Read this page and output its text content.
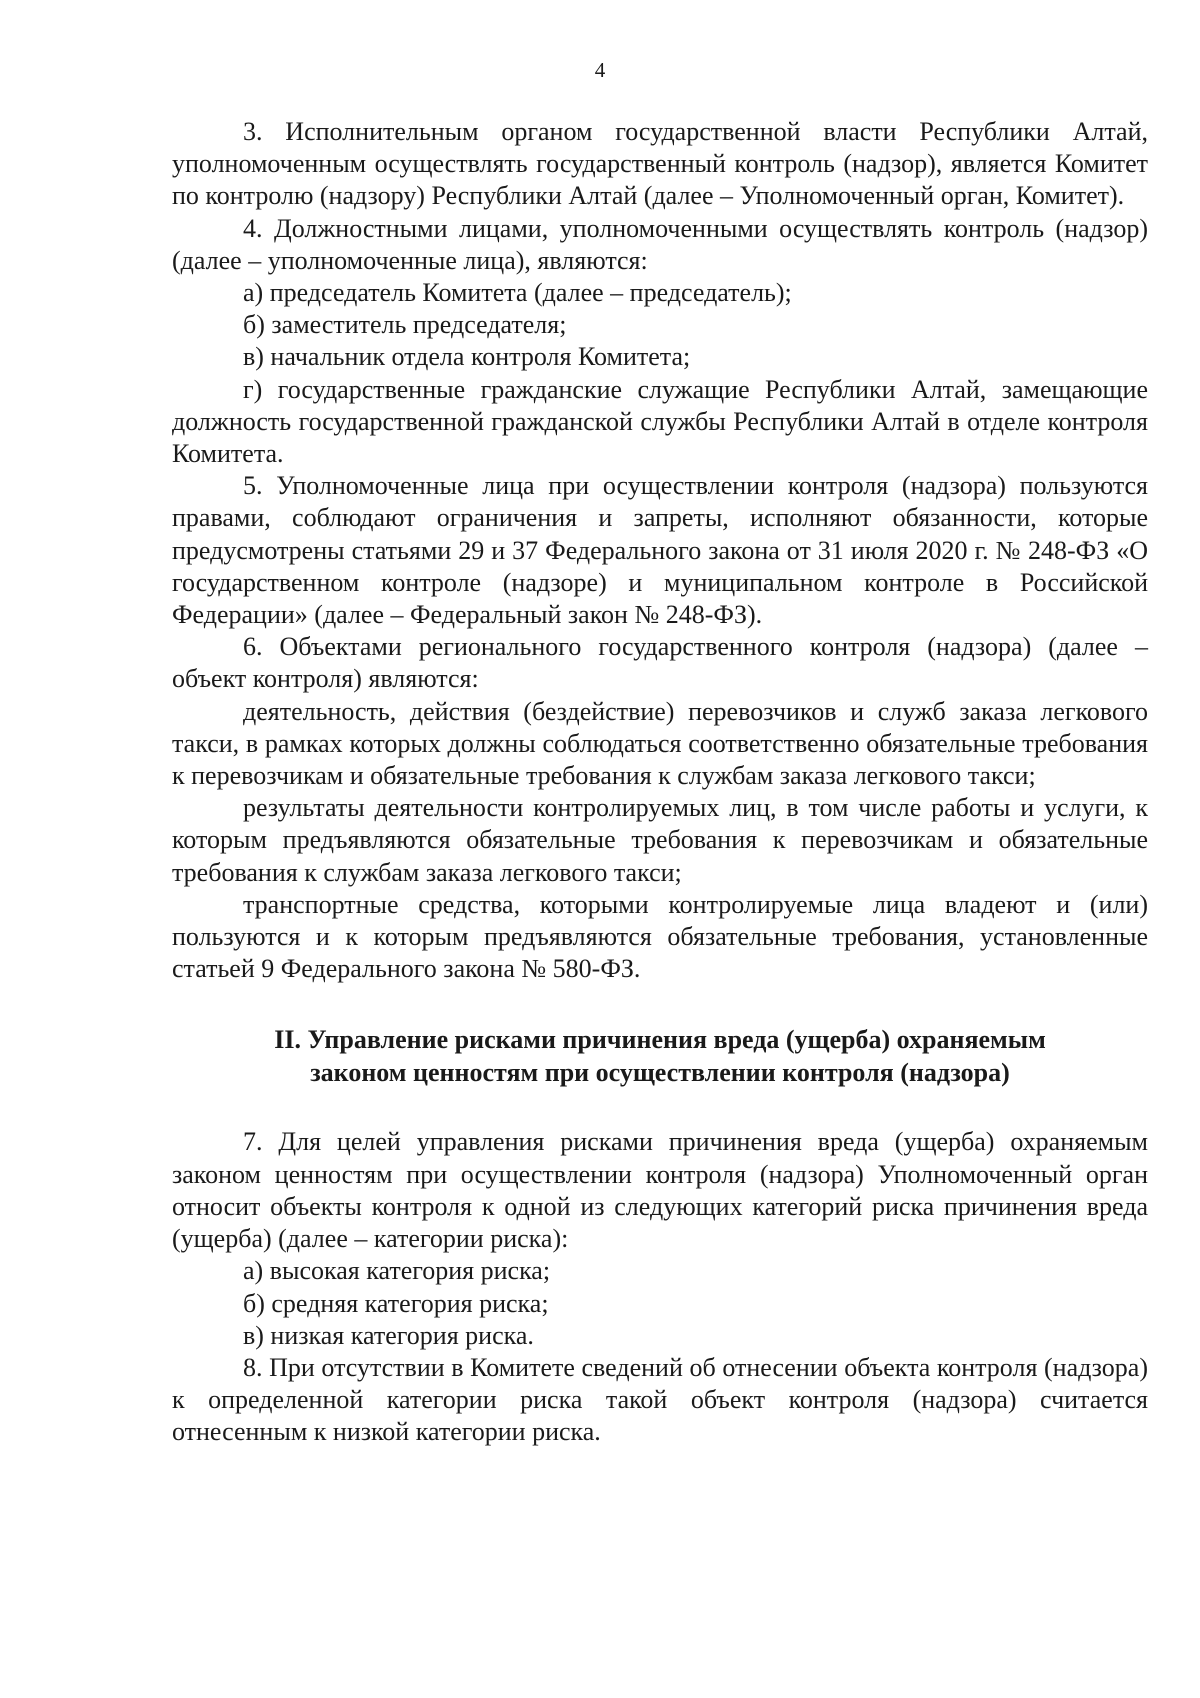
4

3. Исполнительным органом государственной власти Республики Алтай, уполномоченным осуществлять государственный контроль (надзор), является Комитет по контролю (надзору) Республики Алтай (далее – Уполномоченный орган, Комитет).

4. Должностными лицами, уполномоченными осуществлять контроль (надзор) (далее – уполномоченные лица), являются:

а) председатель Комитета (далее – председатель);

б) заместитель председателя;

в) начальник отдела контроля Комитета;

г) государственные гражданские служащие Республики Алтай, замещающие должность государственной гражданской службы Республики Алтай в отделе контроля Комитета.

5. Уполномоченные лица при осуществлении контроля (надзора) пользуются правами, соблюдают ограничения и запреты, исполняют обязанности, которые предусмотрены статьями 29 и 37 Федерального закона от 31 июля 2020 г. № 248-ФЗ «О государственном контроле (надзоре) и муниципальном контроле в Российской Федерации» (далее – Федеральный закон № 248-ФЗ).

6. Объектами регионального государственного контроля (надзора) (далее – объект контроля) являются:

деятельность, действия (бездействие) перевозчиков и служб заказа легкового такси, в рамках которых должны соблюдаться соответственно обязательные требования к перевозчикам и обязательные требования к службам заказа легкового такси;

результаты деятельности контролируемых лиц, в том числе работы и услуги, к которым предъявляются обязательные требования к перевозчикам и обязательные требования к службам заказа легкового такси;

транспортные средства, которыми контролируемые лица владеют и (или) пользуются и к которым предъявляются обязательные требования, установленные статьей 9 Федерального закона № 580-ФЗ.

II. Управление рисками причинения вреда (ущерба) охраняемым
законом ценностям при осуществлении контроля (надзора)

7. Для целей управления рисками причинения вреда (ущерба) охраняемым законом ценностям при осуществлении контроля (надзора) Уполномоченный орган относит объекты контроля к одной из следующих категорий риска причинения вреда (ущерба) (далее – категории риска):

а) высокая категория риска;

б) средняя категория риска;

в) низкая категория риска.

8. При отсутствии в Комитете сведений об отнесении объекта контроля (надзора) к определенной категории риска такой объект контроля (надзора) считается отнесенным к низкой категории риска.
